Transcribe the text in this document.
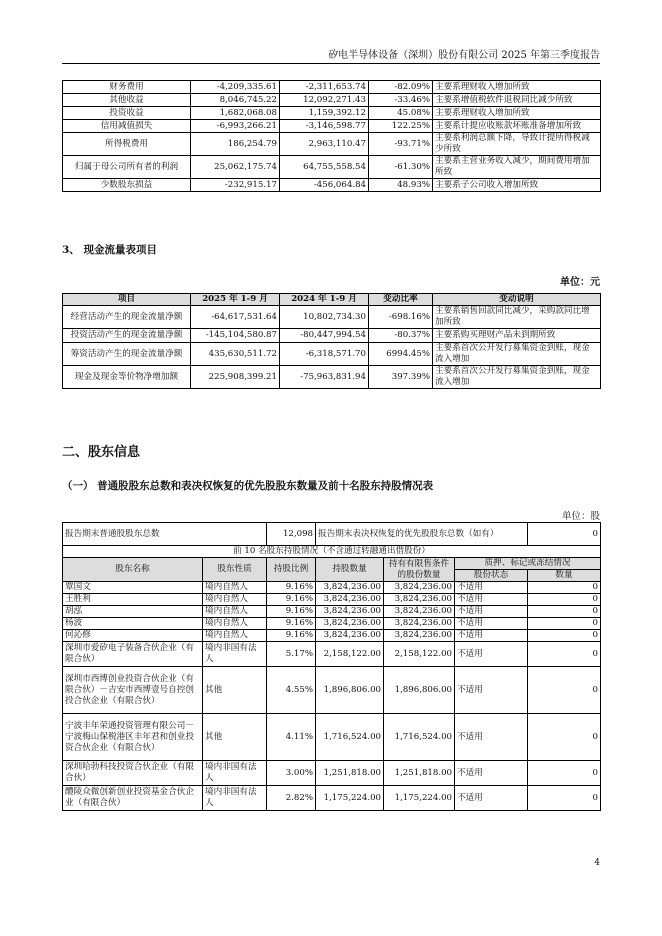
矽电半导体设备（深圳）股份有限公司 2025 年第三季度报告
财务费用	-4,209,335.61	-2,311,653.74	-82.09%	主要系理财收入增加所致
其他收益	8,046,745.22	12,092,271.43	-33.46%	主要系增值税软件退税同比减少所致
投资收益	1,682,068.08	1,159,392.12	45.08%	主要系理财收入增加所致
信用减值损失	-6,993,266.21	-3,146,598.77	122.25%	主要系计提应收账款坏账准备增加所致
所得税费用	186,254.79	2,963,110.47	-93.71%	主要系利润总额下降，导致计提所得税减少所致
归属于母公司所有者的利润	25,062,175.74	64,755,558.54	-61.30%	主要系主营业务收入减少，期间费用增加所致
少数股东损益	-232,915.17	-456,064.84	48.93%	主要系子公司收入增加所致
3、 现金流量表项目
单位：元
项目	2025 年 1-9 月	2024 年 1-9 月	变动比率	变动说明
经营活动产生的现金流量净额	-64,617,531.64	10,802,734.30	-698.16%	主要系销售回款同比减少，采购款同比增加所致
投资活动产生的现金流量净额	-145,104,580.87	-80,447,994.54	-80.37%	主要系购买理财产品未到期所致
筹资活动产生的现金流量净额	435,630,511.72	-6,318,571.70	6994.45%	主要系首次公开发行募集资金到账，现金流入增加
现金及现金等价物净增加额	225,908,399.21	-75,963,831.94	397.39%	主要系首次公开发行募集资金到账，现金流入增加
二、股东信息
（一） 普通股股东总数和表决权恢复的优先股股东数量及前十名股东持股情况表
单位：股
报告期末普通股股东总数		12,098	报告期末表决权恢复的优先股股东总数（如有）			0
前 10 名股东持股情况（不含通过转融通出借股份）						
股东名称	股东性质	持股比例	持股数量	持有有限售条件的股份数量	质押、标记或冻结情况	
					股份状态	数量
覃国文	境内自然人	9.16%	3,824,236.00	3,824,236.00	不适用	0
王胜利	境内自然人	9.16%	3,824,236.00	3,824,236.00	不适用	0
胡泓	境内自然人	9.16%	3,824,236.00	3,824,236.00	不适用	0
杨波	境内自然人	9.16%	3,824,236.00	3,824,236.00	不适用	0
何沁修	境内自然人	9.16%	3,824,236.00	3,824,236.00	不适用	0
深圳市爱矽电子装备合伙企业（有限合伙）	境内非国有法人	5.17%	2,158,122.00	2,158,122.00	不适用	0
深圳市西博创业投资合伙企业（有限合伙）－吉安市西博壹号自控创投合伙企业（有限合伙）	其他	4.55%	1,896,806.00	1,896,806.00	不适用	0
宁波丰年荣通投资管理有限公司－宁波梅山保税港区丰年君和创业投资合伙企业（有限合伙）	其他	4.11%	1,716,524.00	1,716,524.00	不适用	0
深圳哈勃科技投资合伙企业（有限合伙）	境内非国有法人	3.00%	1,251,818.00	1,251,818.00	不适用	0
醴陵众微创新创业投资基金合伙企业（有限合伙）	境内非国有法人	2.82%	1,175,224.00	1,175,224.00	不适用	0
4
